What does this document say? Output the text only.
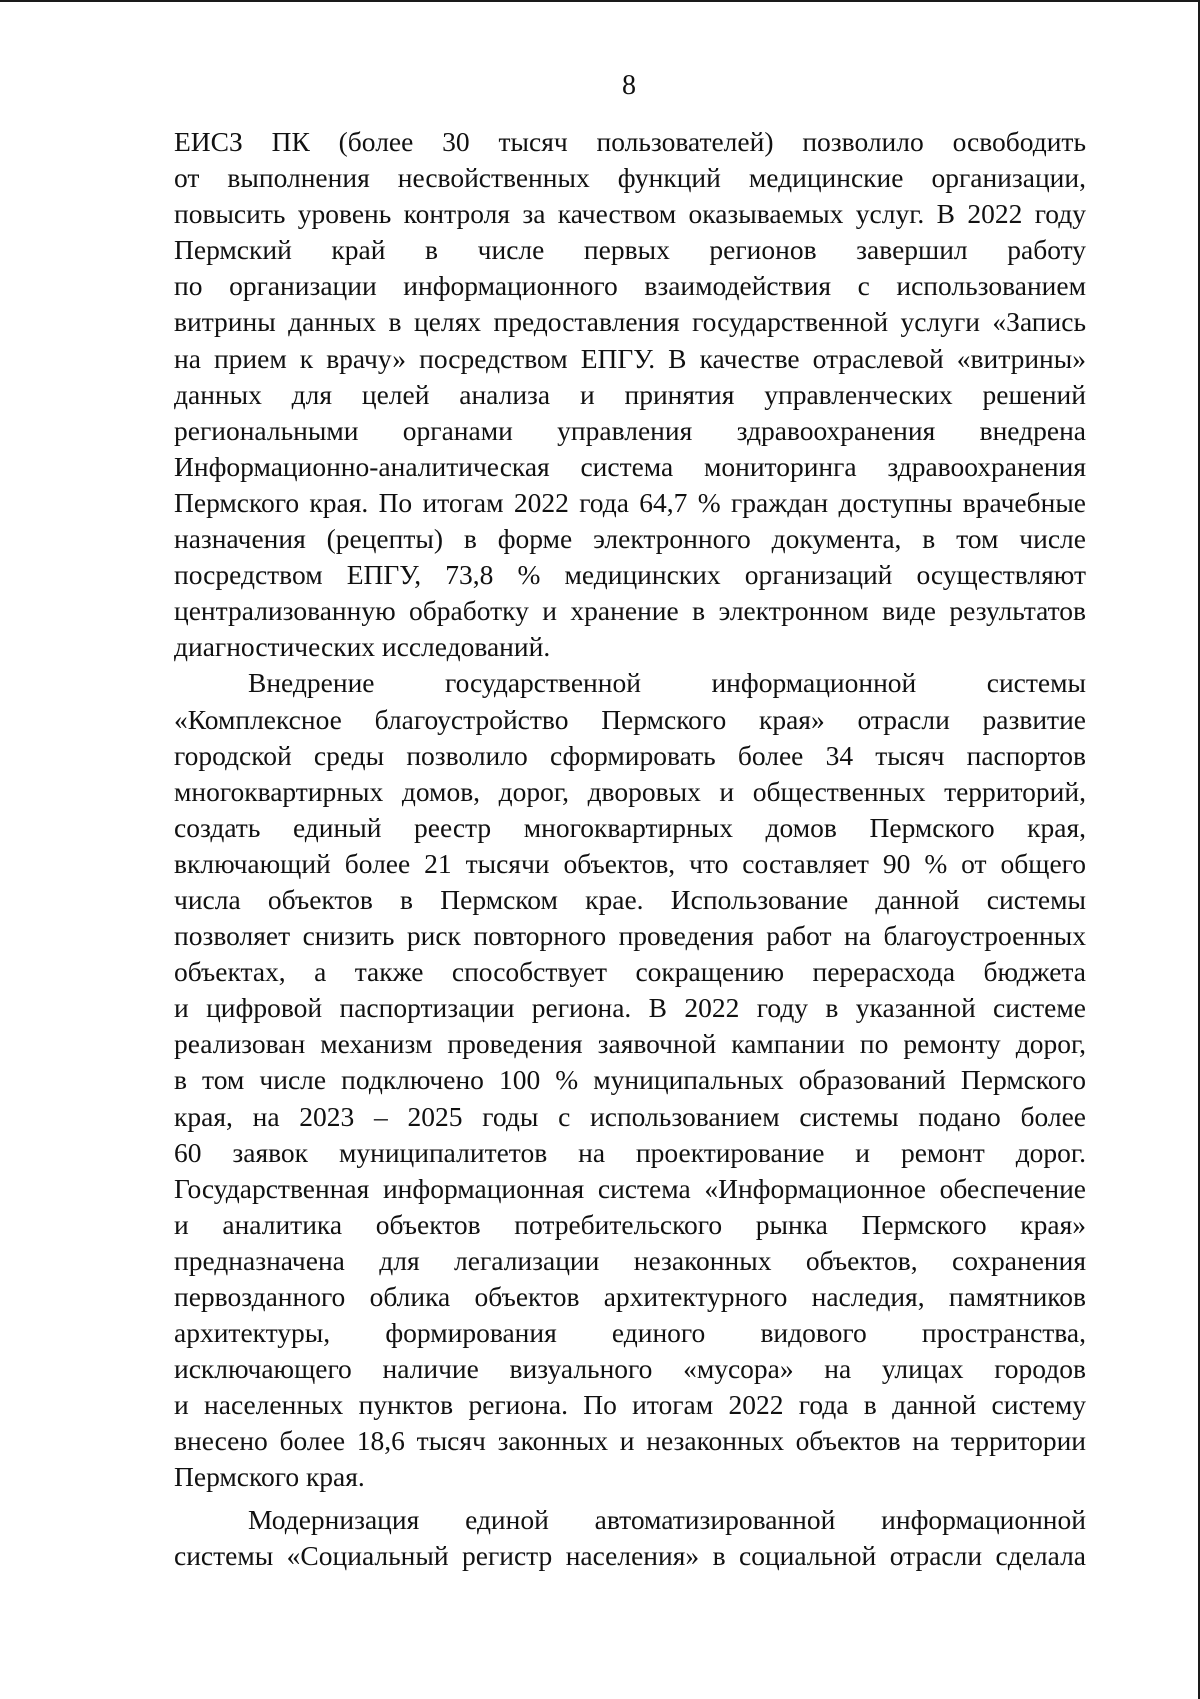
8
ЕИСЗ ПК (более 30 тысяч пользователей) позволило освободить
от выполнения несвойственных функций медицинские организации,
повысить уровень контроля за качеством оказываемых услуг. В 2022 году
Пермский край в числе первых регионов завершил работу
по организации информационного взаимодействия с использованием
витрины данных в целях предоставления государственной услуги «Запись
на прием к врачу» посредством ЕПГУ. В качестве отраслевой «витрины»
данных для целей анализа и принятия управленческих решений
региональными органами управления здравоохранения внедрена
Информационно-аналитическая система мониторинга здравоохранения
Пермского края. По итогам 2022 года 64,7 % граждан доступны врачебные
назначения (рецепты) в форме электронного документа, в том числе
посредством ЕПГУ, 73,8 % медицинских организаций осуществляют
централизованную обработку и хранение в электронном виде результатов
диагностических исследований.
Внедрение государственной информационной системы
«Комплексное благоустройство Пермского края» отрасли развитие
городской среды позволило сформировать более 34 тысяч паспортов
многоквартирных домов, дорог, дворовых и общественных территорий,
создать единый реестр многоквартирных домов Пермского края,
включающий более 21 тысячи объектов, что составляет 90 % от общего
числа объектов в Пермском крае. Использование данной системы
позволяет снизить риск повторного проведения работ на благоустроенных
объектах, а также способствует сокращению перерасхода бюджета
и цифровой паспортизации региона. В 2022 году в указанной системе
реализован механизм проведения заявочной кампании по ремонту дорог,
в том числе подключено 100 % муниципальных образований Пермского
края, на 2023 – 2025 годы с использованием системы подано более
60 заявок муниципалитетов на проектирование и ремонт дорог.
Государственная информационная система «Информационное обеспечение
и аналитика объектов потребительского рынка Пермского края»
предназначена для легализации незаконных объектов, сохранения
первозданного облика объектов архитектурного наследия, памятников
архитектуры, формирования единого видового пространства,
исключающего наличие визуального «мусора» на улицах городов
и населенных пунктов региона. По итогам 2022 года в данной систему
внесено более 18,6 тысяч законных и незаконных объектов на территории
Пермского края.
Модернизация единой автоматизированной информационной
системы «Социальный регистр населения» в социальной отрасли сделала
